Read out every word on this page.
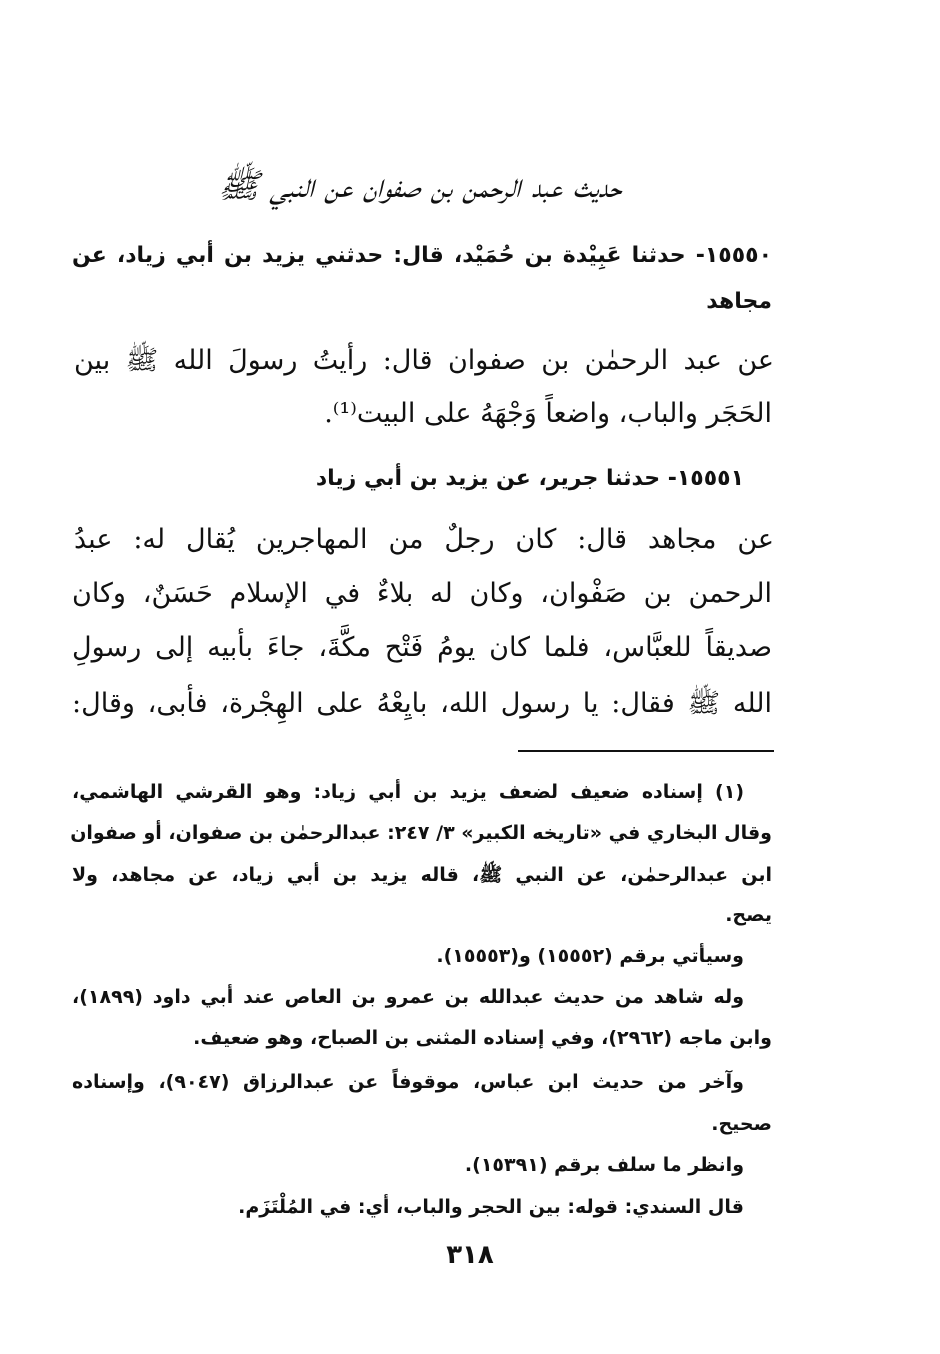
حديث عبد الرحمن بن صفوان عن النبي ﷺ
١٥٥٥٠- حدثنا عَبِيْدة بن حُمَيْد، قال: حدثني يزيد بن أبي زياد، عن
مجاهد
عن عبد الرحمٰن بن صفوان قال: رأيتُ رسولَ الله ﷺ بين
الحَجَر والباب، واضعاً وَجْهَهُ على البيت⁽¹⁾.
١٥٥٥١- حدثنا جرير، عن يزيد بن أبي زياد
عن مجاهد قال: كان رجلٌ من المهاجرين يُقال له: عبدُ
الرحمن بن صَفْوان، وكان له بلاءٌ في الإسلام حَسَنٌ، وكان
صديقاً للعبَّاس، فلما كان يومُ فَتْح مكَّةَ، جاءَ بأبيه إلى رسولِ
الله ﷺ فقال: يا رسول الله، بايِعْهُ على الهِجْرة، فأبى، وقال:
(١) إسناده ضعيف لضعف يزيد بن أبي زياد: وهو القرشي الهاشمي،
وقال البخاري في «تاريخه الكبير» ٣/ ٢٤٧: عبدالرحمٰن بن صفوان، أو صفوان
ابن عبدالرحمٰن، عن النبي ﷺ، قاله يزيد بن أبي زياد، عن مجاهد، ولا
يصح.
وسيأتي برقم (١٥٥٥٢) و(١٥٥٥٣).
وله شاهد من حديث عبدالله بن عمرو بن العاص عند أبي داود (١٨٩٩)،
وابن ماجه (٢٩٦٢)، وفي إسناده المثنى بن الصباح، وهو ضعيف.
وآخر من حديث ابن عباس، موقوفاً عن عبدالرزاق (٩٠٤٧)، وإسناده
صحيح.
وانظر ما سلف برقم (١٥٣٩١).
قال السندي: قوله: بين الحجر والباب، أي: في المُلْتَزَم.
٣١٨
